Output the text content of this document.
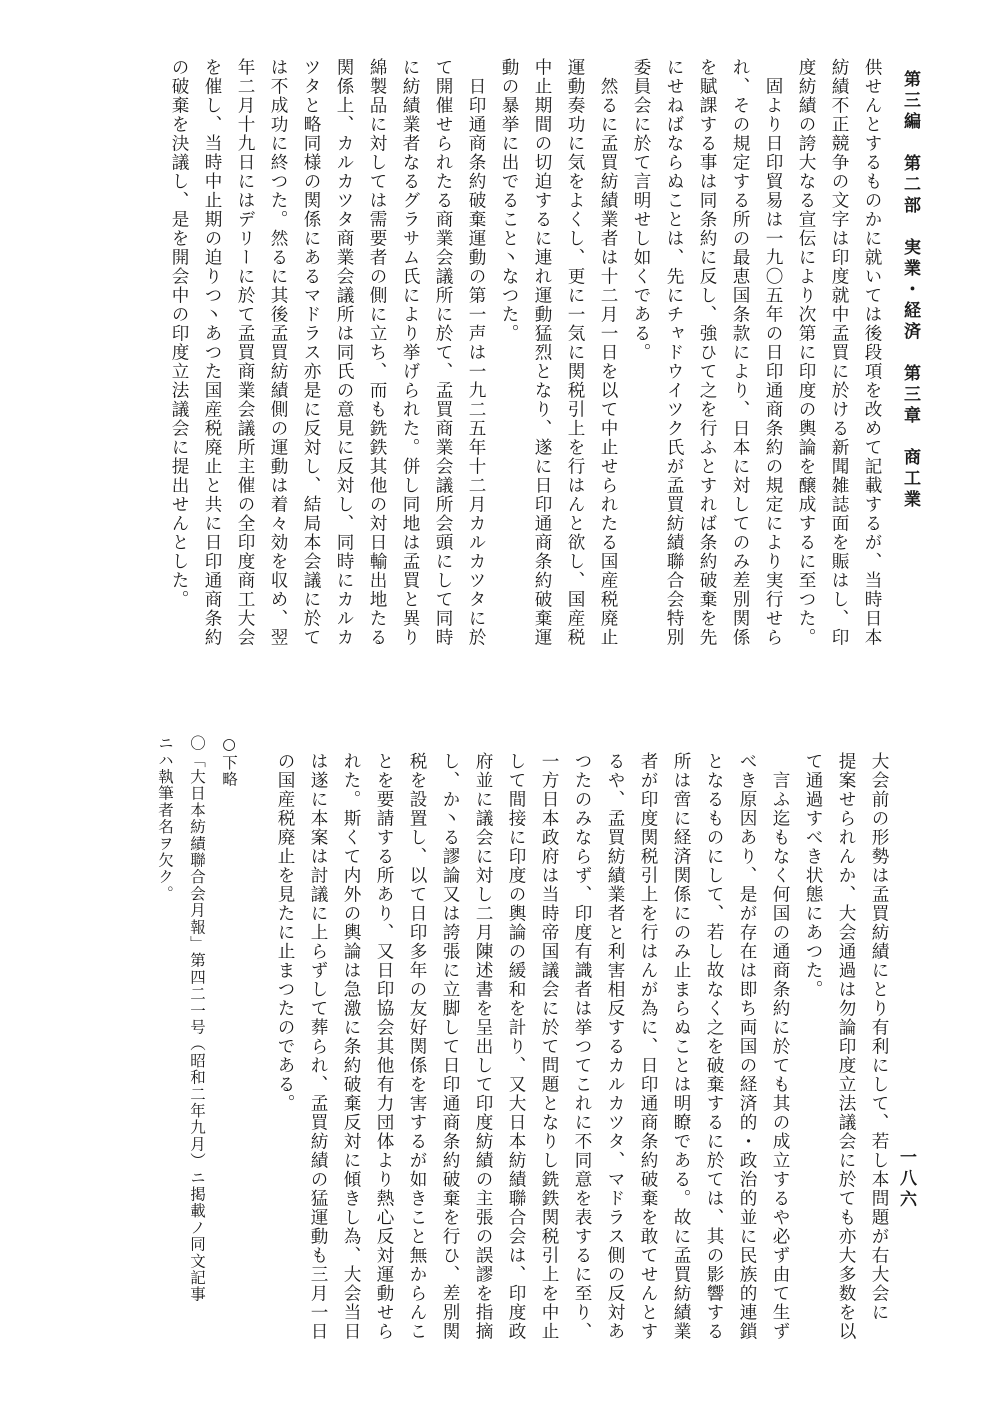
第三編　第二部　実業・経済　第三章　商工業
一八六
供せんとするものかに就いては後段項を改めて記載するが、当時日本
紡績不正競争の文字は印度就中孟買に於ける新聞雑誌面を賑はし、印
度紡績の誇大なる宣伝により次第に印度の輿論を醸成するに至つた。
　固より日印貿易は一九〇五年の日印通商条約の規定により実行せら
れ、その規定する所の最恵国条款により、日本に対してのみ差別関係
を賦課する事は同条約に反し、強ひて之を行ふとすれば条約破棄を先
にせねばならぬことは、先にチャドウイツク氏が孟買紡績聯合会特別
委員会に於て言明せし如くである。
　然るに孟買紡績業者は十二月一日を以て中止せられたる国産税廃止
運動奏功に気をよくし、更に一気に関税引上を行はんと欲し、国産税
中止期間の切迫するに連れ運動猛烈となり、遂に日印通商条約破棄運
動の暴挙に出でること丶なつた。
　日印通商条約破棄運動の第一声は一九二五年十二月カルカツタに於
て開催せられたる商業会議所に於て、孟買商業会議所会頭にして同時
に紡績業者なるグラサム氏により挙げられた。併し同地は孟買と異り
綿製品に対しては需要者の側に立ち、而も銑鉄其他の対日輸出地たる
関係上、カルカツタ商業会議所は同氏の意見に反対し、同時にカルカ
ツタと略同様の関係にあるマドラス亦是に反対し、結局本会議に於て
は不成功に終つた。然るに其後孟買紡績側の運動は着々効を収め、翌
年二月十九日にはデリーに於て孟買商業会議所主催の全印度商工大会
を催し、当時中止期の迫りつ丶あつた国産税廃止と共に日印通商条約
の破棄を決議し、是を開会中の印度立法議会に提出せんとした。
大会前の形勢は孟買紡績にとり有利にして、若し本問題が右大会に
提案せられんか、大会通過は勿論印度立法議会に於ても亦大多数を以
て通過すべき状態にあつた。
　言ふ迄もなく何国の通商条約に於ても其の成立するや必ず由て生ず
べき原因あり、是が存在は即ち両国の経済的・政治的並に民族的連鎖
となるものにして、若し故なく之を破棄するに於ては、其の影響する
所は啻に経済関係にのみ止まらぬことは明瞭である。故に孟買紡績業
者が印度関税引上を行はんが為に、日印通商条約破棄を敢てせんとす
るや、孟買紡績業者と利害相反するカルカツタ、マドラス側の反対あ
つたのみならず、印度有識者は挙つてこれに不同意を表するに至り、
一方日本政府は当時帝国議会に於て問題となりし銑鉄関税引上を中止
して間接に印度の輿論の緩和を計り、又大日本紡績聯合会は、印度政
府並に議会に対し二月陳述書を呈出して印度紡績の主張の誤謬を指摘
し、か丶る謬論又は誇張に立脚して日印通商条約破棄を行ひ、差別関
税を設置し、以て日印多年の友好関係を害するが如きこと無からんこ
とを要請する所あり、又日印協会其他有力団体より熱心反対運動せら
れた。斯くて内外の輿論は急激に条約破棄反対に傾きし為、大会当日
は遂に本案は討議に上らずして葬られ、孟買紡績の猛運動も三月一日
の国産税廃止を見たに止まつたのである。
○下略
〇「大日本紡績聯合会月報」第四二一号（昭和二年九月）ニ掲載ノ同文記事
ニハ執筆者名ヲ欠ク。
